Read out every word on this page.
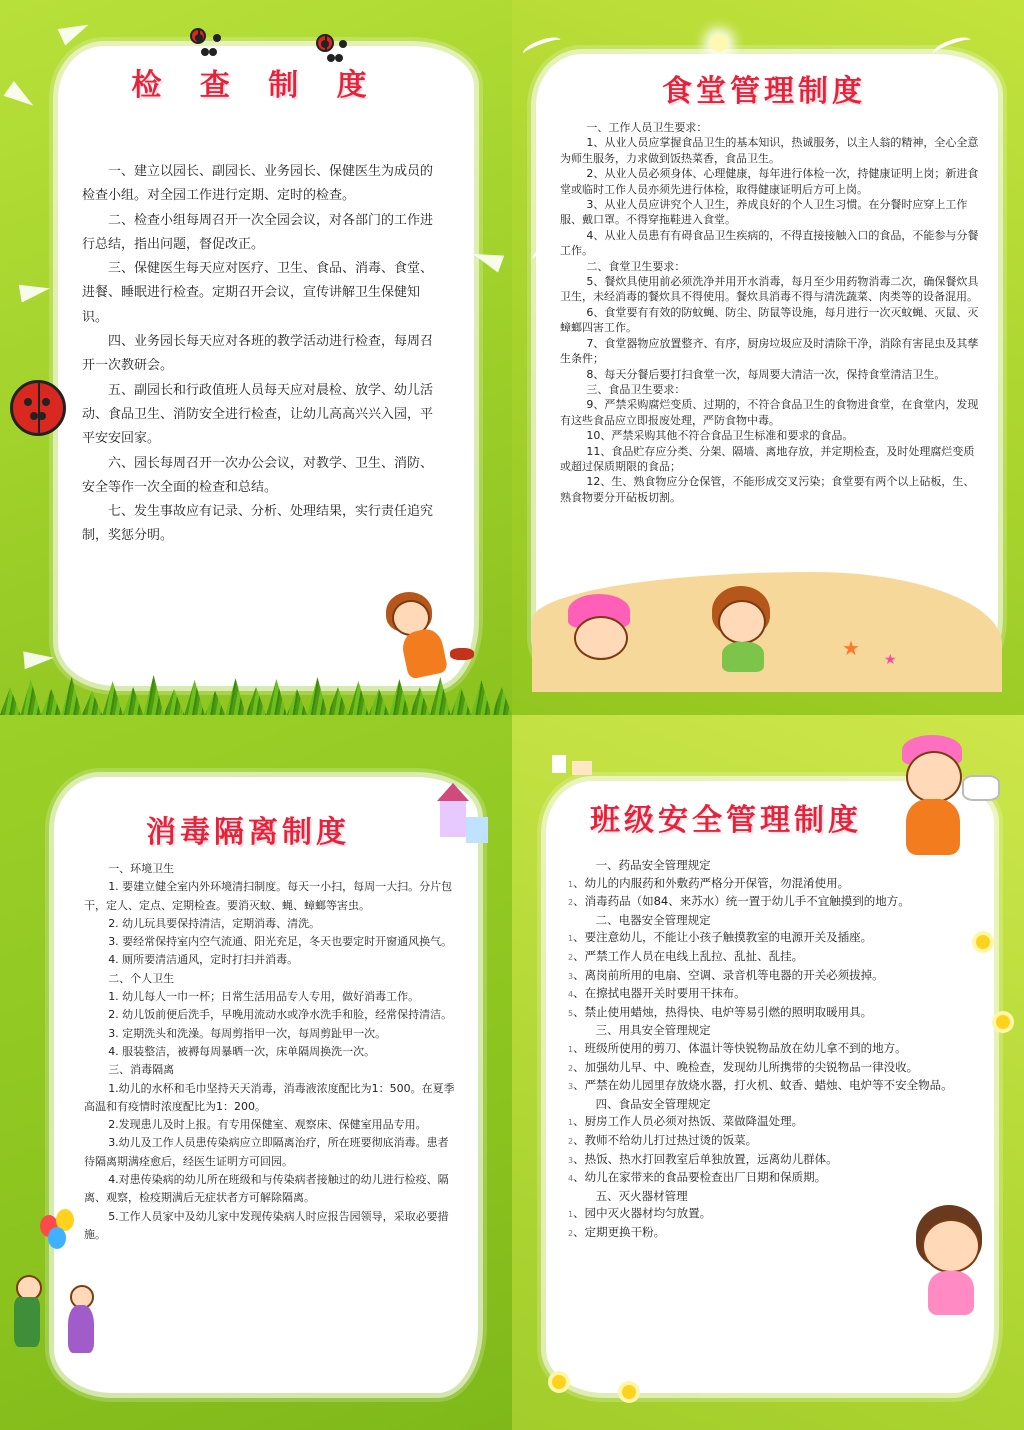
检 查 制 度

一、建立以园长、副园长、业务园长、保健医生为成员的检查小组。对全园工作进行定期、定时的检查。

二、检查小组每周召开一次全园会议，对各部门的工作进行总结，指出问题，督促改正。

三、保健医生每天应对医疗、卫生、食品、消毒、食堂、进餐、睡眠进行检查。定期召开会议，宣传讲解卫生保健知识。

四、业务园长每天应对各班的教学活动进行检查，每周召开一次教研会。

五、副园长和行政值班人员每天应对晨检、放学、幼儿活动、食品卫生、消防安全进行检查，让幼儿高高兴兴入园，平平安安回家。

六、园长每周召开一次办公会议，对教学、卫生、消防、安全等作一次全面的检查和总结。

七、发生事故应有记录、分析、处理结果，实行责任追究制，奖惩分明。

食堂管理制度

一、工作人员卫生要求：

1、从业人员应掌握食品卫生的基本知识，热诚服务，以主人翁的精神，全心全意为师生服务，力求做到饭热菜香，食品卫生。

2、从业人员必须身体、心理健康，每年进行体检一次，持健康证明上岗；新进食堂或临时工作人员亦须先进行体检，取得健康证明后方可上岗。

3、从业人员应讲究个人卫生，养成良好的个人卫生习惯。在分餐时应穿上工作服、戴口罩。不得穿拖鞋进入食堂。

4、从业人员患有有碍食品卫生疾病的，不得直接接触入口的食品，不能参与分餐工作。

二、食堂卫生要求：

5、餐炊具使用前必须洗净并用开水消毒，每月至少用药物消毒二次，确保餐炊具卫生，未经消毒的餐炊具不得使用。餐炊具消毒不得与清洗蔬菜、肉类等的设备混用。

6、食堂要有有效的防蚊蝇、防尘、防鼠等设施，每月进行一次灭蚊蝇、灭鼠、灭蟑螂四害工作。

7、食堂器物应放置整齐、有序，厨房垃圾应及时清除干净，消除有害昆虫及其孳生条件；

8、每天分餐后要打扫食堂一次，每周要大清洁一次，保持食堂清洁卫生。

三、食品卫生要求：

9、严禁采购腐烂变质、过期的，不符合食品卫生的食物进食堂，在食堂内，发现有这些食品应立即报废处理，严防食物中毒。

10、严禁采购其他不符合食品卫生标准和要求的食品。

11、食品贮存应分类、分架、隔墙、离地存放，并定期检查，及时处理腐烂变质或超过保质期限的食品；

12、生、熟食物应分仓保管，不能形成交叉污染；食堂要有两个以上砧板，生、熟食物要分开砧板切割。

★ ★
消毒隔离制度

一、环境卫生

1. 要建立健全室内外环境清扫制度。每天一小扫，每周一大扫。分片包干，定人、定点、定期检查。要消灭蚊、蝇、蟑螂等害虫。

2. 幼儿玩具要保持清洁，定期消毒、清洗。

3. 要经常保持室内空气流通、阳光充足，冬天也要定时开窗通风换气。

4. 厕所要清洁通风，定时打扫并消毒。

二、个人卫生

1. 幼儿每人一巾一杯；日常生活用品专人专用，做好消毒工作。

2. 幼儿饭前便后洗手，早晚用流动水或净水洗手和脸，经常保持清洁。

3. 定期洗头和洗澡。每周剪指甲一次，每周剪趾甲一次。

4. 服装整洁，被褥每周暴晒一次，床单隔周换洗一次。

三、消毒隔离

1.幼儿的水杯和毛巾坚持天天消毒，消毒液浓度配比为1：500。在夏季高温和有疫情时浓度配比为1：200。

2.发现患儿及时上报。有专用保健室、观察床、保健室用品专用。

3.幼儿及工作人员患传染病应立即隔离治疗，所在班要彻底消毒。患者待隔离期满痊愈后，经医生证明方可回园。

4.对患传染病的幼儿所在班级和与传染病者接触过的幼儿进行检疫、隔离、观察，检疫期满后无症状者方可解除隔离。

5.工作人员家中及幼儿家中发现传染病人时应报告园领导，采取必要措施。

班级安全管理制度

一、药品安全管理规定

1、幼儿的内服药和外敷药严格分开保管，勿混淆使用。

2、消毒药品（如84、来苏水）统一置于幼儿手不宜触摸到的地方。

二、电器安全管理规定

1、要注意幼儿，不能让小孩子触摸教室的电源开关及插座。

2、严禁工作人员在电线上乱拉、乱扯、乱挂。

3、离岗前所用的电扇、空调、录音机等电器的开关必须拔掉。

4、在擦拭电器开关时要用干抹布。

5、禁止使用蜡烛，热得快、电炉等易引燃的照明取暖用具。

三、用具安全管理规定

1、班级所使用的剪刀、体温计等快锐物品放在幼儿拿不到的地方。

2、加强幼儿早、中、晚检查，发现幼儿所携带的尖锐物品一律没收。

3、严禁在幼儿园里存放烧水器，打火机、蚊香、蜡烛、电炉等不安全物品。

四、食品安全管理规定

1、厨房工作人员必须对热饭、菜做降温处理。

2、教师不给幼儿打过热过烫的饭菜。

3、热饭、热水打回教室后单独放置，远离幼儿群体。

4、幼儿在家带来的食品要检查出厂日期和保质期。

五、灭火器材管理

1、园中灭火器材均匀放置。

2、定期更换干粉。
